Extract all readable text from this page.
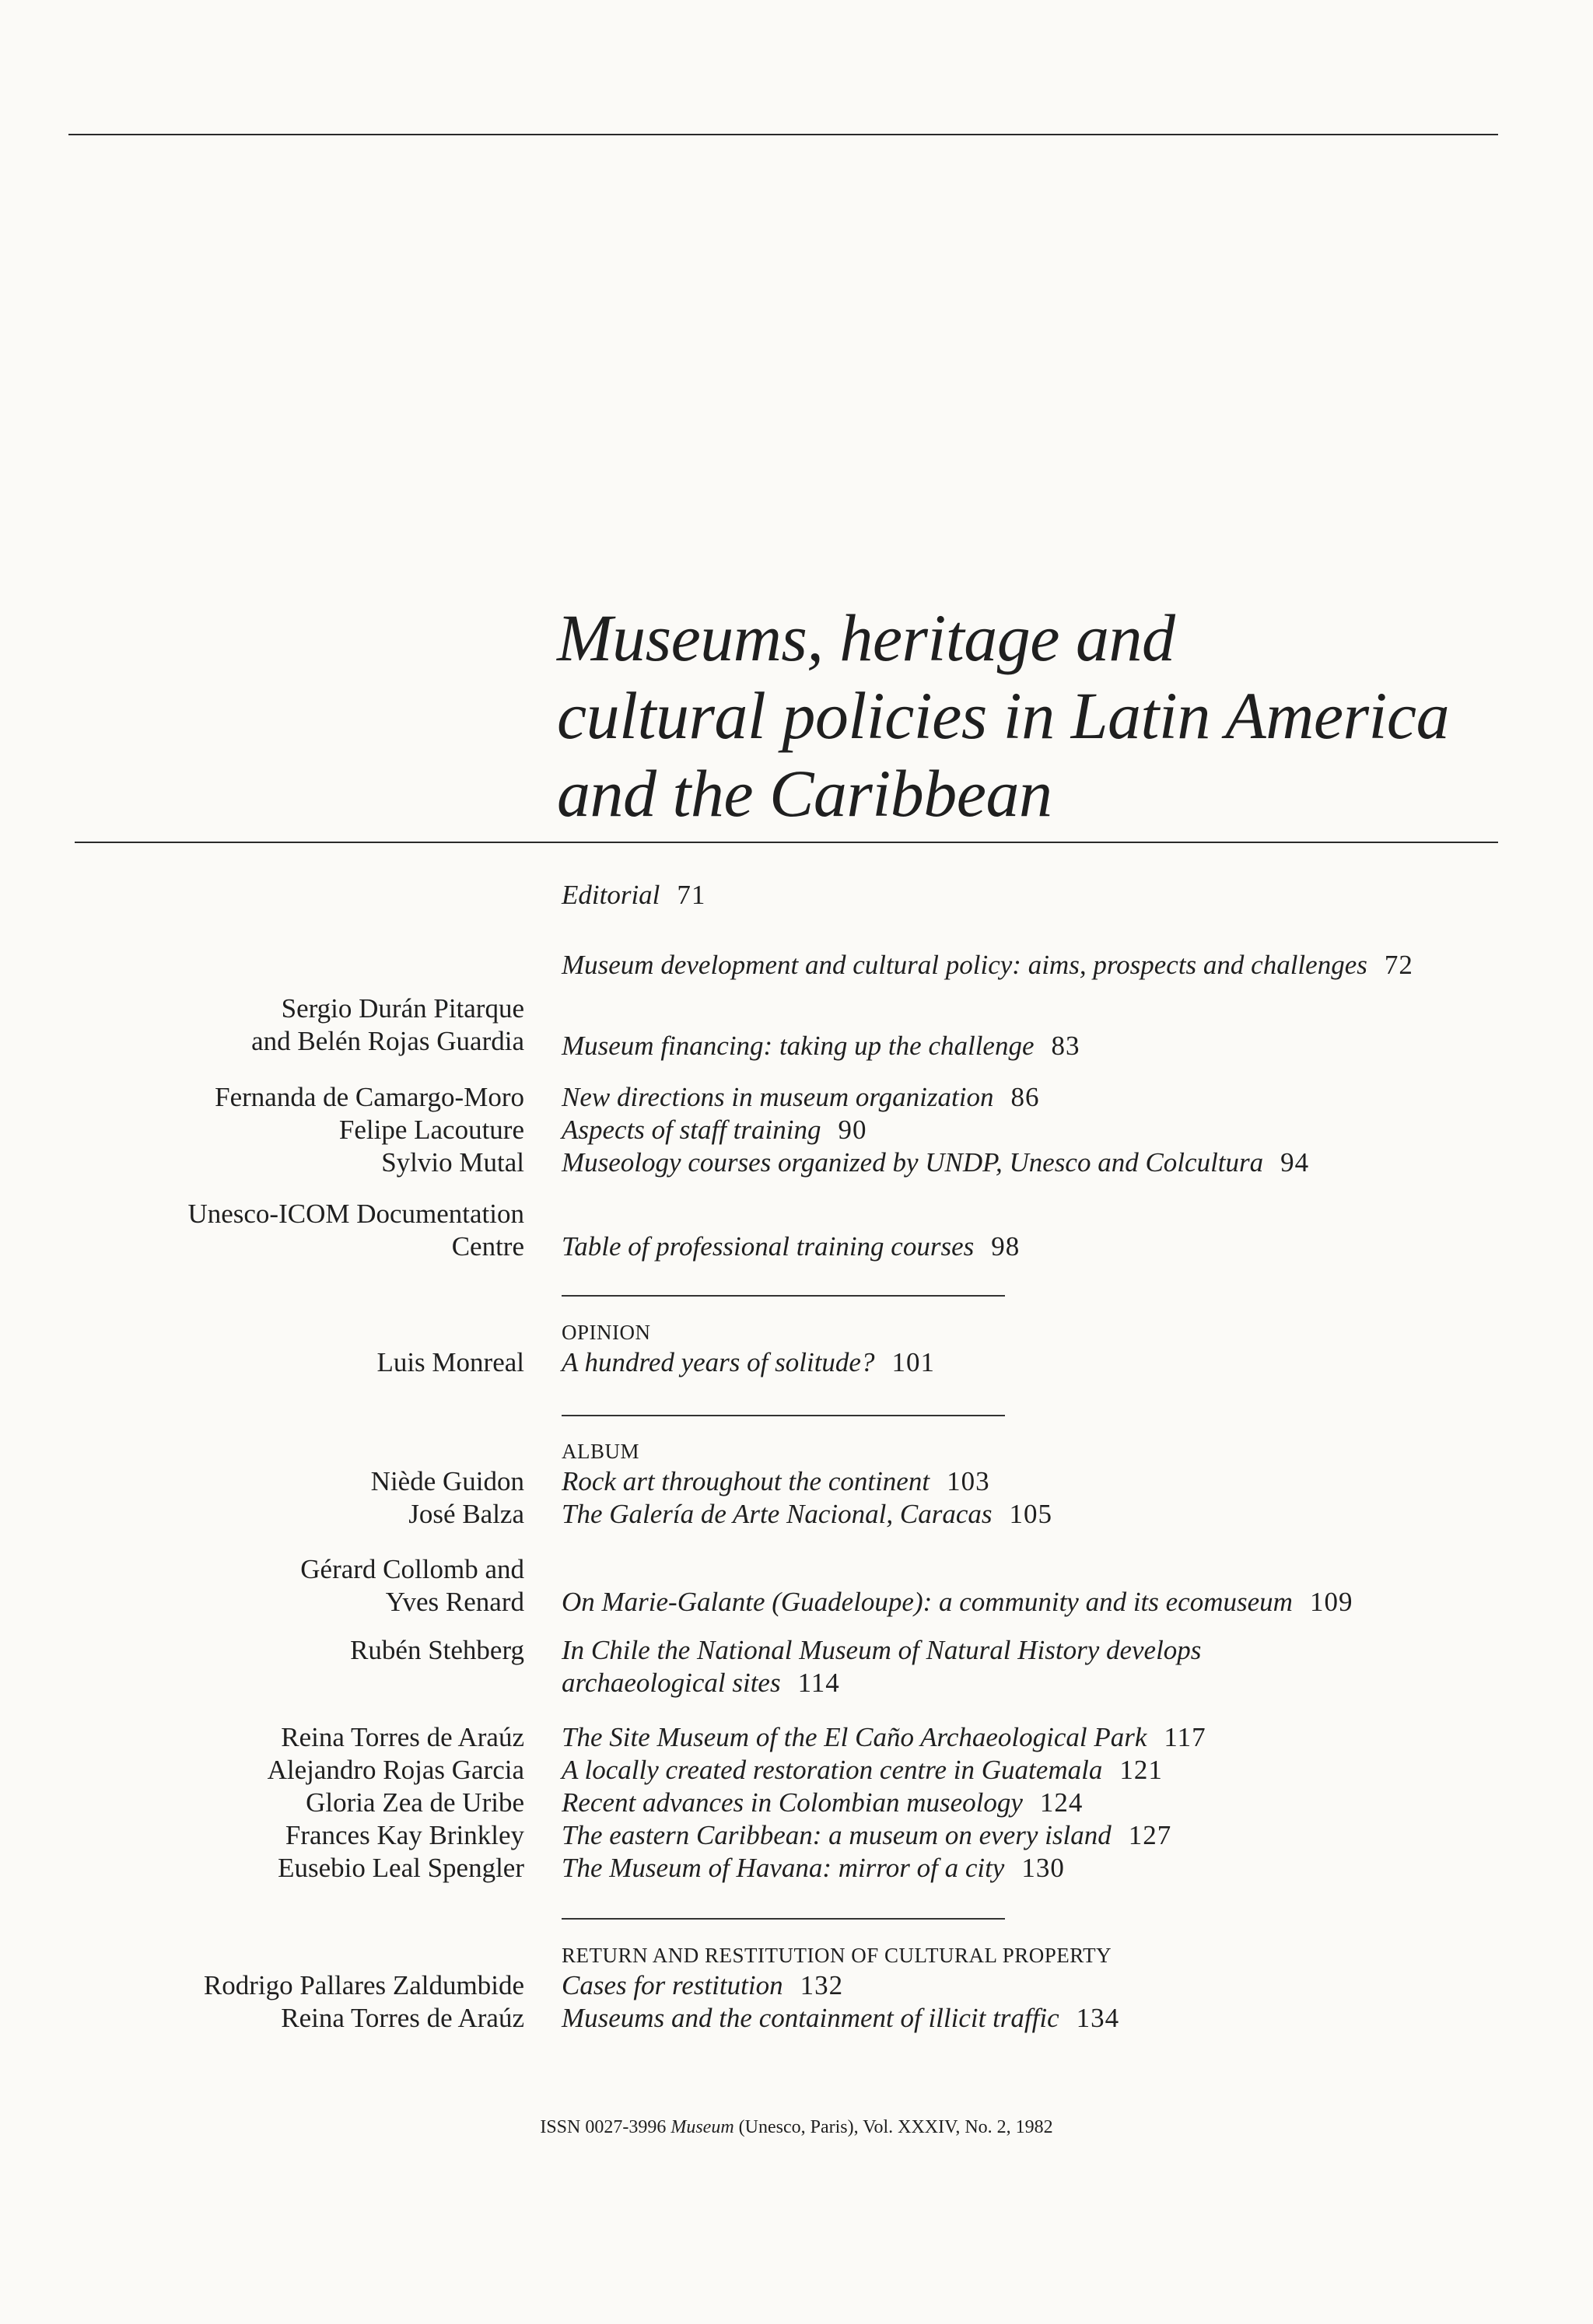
Museums, heritage and
cultural policies in Latin America
and the Caribbean
Editorial 71
Museum development and cultural policy: aims, prospects and challenges 72
Museum financing: taking up the challenge 83
New directions in museum organization 86
Aspects of staff training 90
Museology courses organized by UNDP, Unesco and Colcultura 94
Table of professional training courses 98
OPINION
A hundred years of solitude? 101
ALBUM
Rock art throughout the continent 103
The Galería de Arte Nacional, Caracas 105
On Marie-Galante (Guadeloupe): a community and its ecomuseum 109
In Chile the National Museum of Natural History develops
archaeological sites 114
The Site Museum of the El Caño Archaeological Park 117
A locally created restoration centre in Guatemala 121
Recent advances in Colombian museology 124
The eastern Caribbean: a museum on every island 127
The Museum of Havana: mirror of a city 130
RETURN AND RESTITUTION OF CULTURAL PROPERTY
Cases for restitution 132
Museums and the containment of illicit traffic 134
Sergio Durán Pitarque
and Belén Rojas Guardia
Fernanda de Camargo-Moro
Felipe Lacouture
Sylvio Mutal
Unesco-ICOM Documentation
Centre
Luis Monreal
Niède Guidon
José Balza
Gérard Collomb and
Yves Renard
Rubén Stehberg
Reina Torres de Araúz
Alejandro Rojas Garcia
Gloria Zea de Uribe
Frances Kay Brinkley
Eusebio Leal Spengler
Rodrigo Pallares Zaldumbide
Reina Torres de Araúz
ISSN 0027-3996 Museum (Unesco, Paris), Vol. XXXIV, No. 2, 1982
